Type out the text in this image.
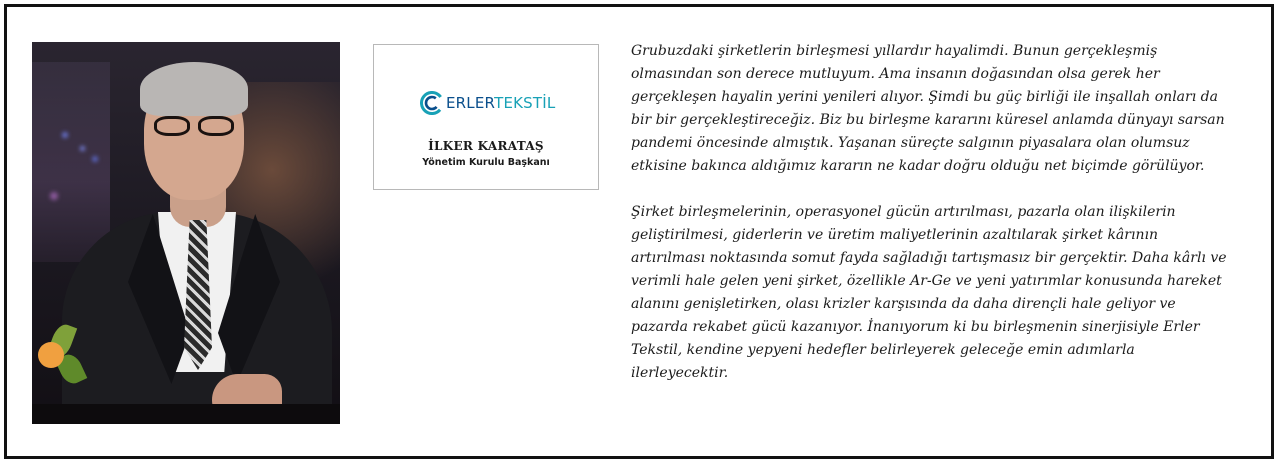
ERLERTEKSTİL
İLKER KARATAŞ
Yönetim Kurulu Başkanı

Grubuzdaki şirketlerin birleşmesi yıllardır hayalimdi. Bunun gerçekleşmiş olmasından son derece mutluyum. Ama insanın doğasından olsa gerek her gerçekleşen hayalin yerini yenileri alıyor. Şimdi bu güç birliği ile inşallah onları da bir bir gerçekleştireceğiz. Biz bu birleşme kararını küresel anlamda dünyayı sarsan pandemi öncesinde almıştık. Yaşanan süreçte salgının piyasalara olan olumsuz etkisine bakınca aldığımız kararın ne kadar doğru olduğu net biçimde görülüyor.

Şirket birleşmelerinin, operasyonel gücün artırılması, pazarla olan ilişkilerin geliştirilmesi, giderlerin ve üretim maliyetlerinin azaltılarak şirket kârının artırılması noktasında somut fayda sağladığı tartışmasız bir gerçektir. Daha kârlı ve verimli hale gelen yeni şirket, özellikle Ar-Ge ve yeni yatırımlar konusunda hareket alanını genişletirken, olası krizler karşısında da daha dirençli hale geliyor ve pazarda rekabet gücü kazanıyor. İnanıyorum ki bu birleşmenin sinerjisiyle Erler Tekstil, kendine yepyeni hedefler belirleyerek geleceğe emin adımlarla ilerleyecektir.
